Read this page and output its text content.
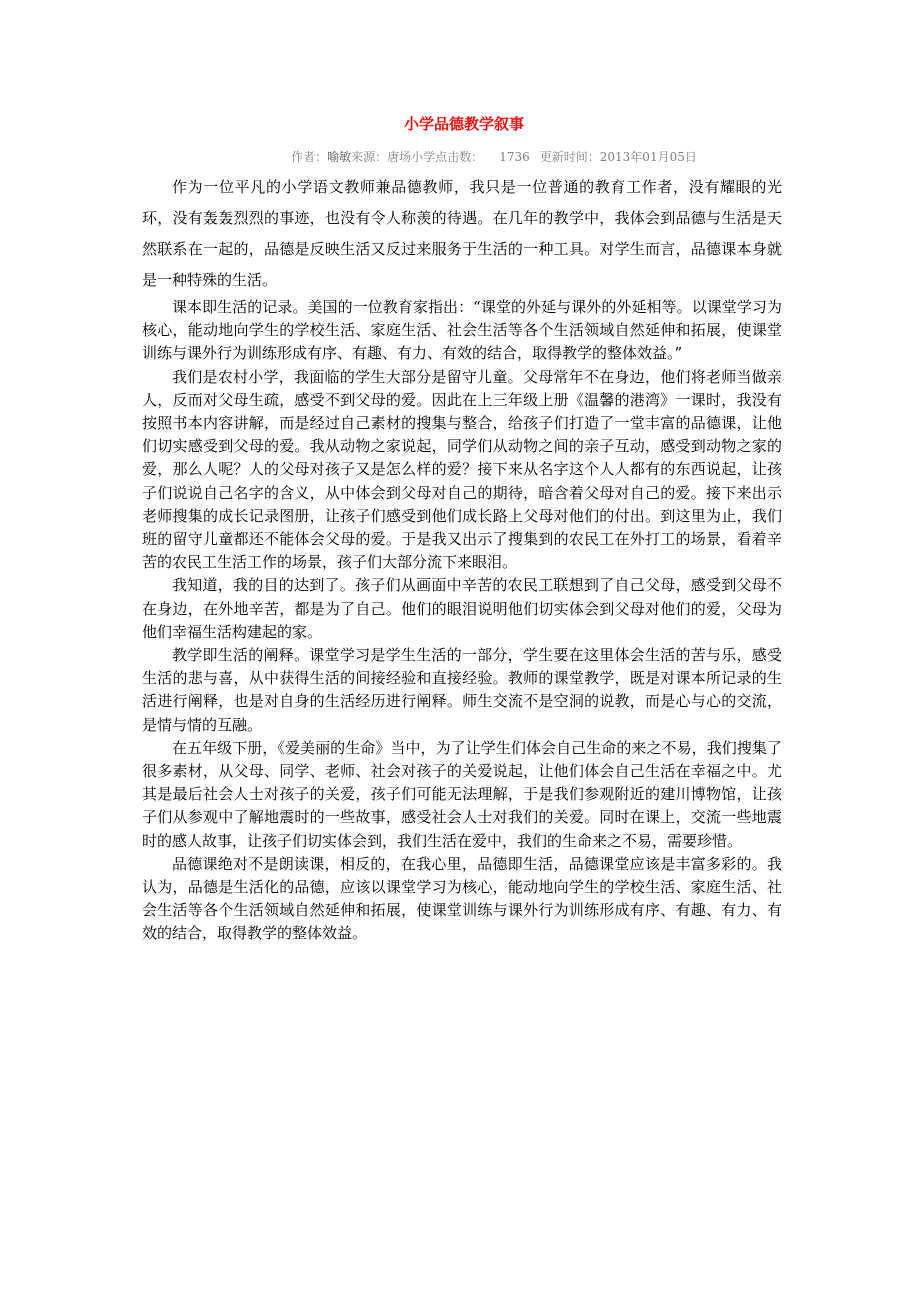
小学品德教学叙事
作者：喻敏来源：唐场小学点击数： 1736 更新时间：2013年01月05日

作为一位平凡的小学语文教师兼品德教师，我只是一位普通的教育工作者，没有耀眼的光环，没有轰轰烈烈的事迹，也没有令人称羡的待遇。在几年的教学中，我体会到品德与生活是天然联系在一起的，品德是反映生活又反过来服务于生活的一种工具。对学生而言，品德课本身就是一种特殊的生活。

课本即生活的记录。美国的一位教育家指出：“课堂的外延与课外的外延相等。以课堂学习为核心，能动地向学生的学校生活、家庭生活、社会生活等各个生活领域自然延伸和拓展，使课堂训练与课外行为训练形成有序、有趣、有力、有效的结合，取得教学的整体效益。”

我们是农村小学，我面临的学生大部分是留守儿童。父母常年不在身边，他们将老师当做亲人，反而对父母生疏，感受不到父母的爱。因此在上三年级上册《温馨的港湾》一课时，我没有按照书本内容讲解，而是经过自己素材的搜集与整合，给孩子们打造了一堂丰富的品德课，让他们切实感受到父母的爱。我从动物之家说起，同学们从动物之间的亲子互动，感受到动物之家的爱，那么人呢？人的父母对孩子又是怎么样的爱？接下来从名字这个人人都有的东西说起，让孩子们说说自己名字的含义，从中体会到父母对自己的期待，暗含着父母对自己的爱。接下来出示老师搜集的成长记录图册，让孩子们感受到他们成长路上父母对他们的付出。到这里为止，我们班的留守儿童都还不能体会父母的爱。于是我又出示了搜集到的农民工在外打工的场景，看着辛苦的农民工生活工作的场景，孩子们大部分流下来眼泪。

我知道，我的目的达到了。孩子们从画面中辛苦的农民工联想到了自己父母，感受到父母不在身边，在外地辛苦，都是为了自己。他们的眼泪说明他们切实体会到父母对他们的爱，父母为他们幸福生活构建起的家。

教学即生活的阐释。课堂学习是学生生活的一部分，学生要在这里体会生活的苦与乐，感受生活的悲与喜，从中获得生活的间接经验和直接经验。教师的课堂教学，既是对课本所记录的生活进行阐释，也是对自身的生活经历进行阐释。师生交流不是空洞的说教，而是心与心的交流，是情与情的互融。

在五年级下册，《爱美丽的生命》当中，为了让学生们体会自己生命的来之不易，我们搜集了很多素材，从父母、同学、老师、社会对孩子的关爱说起，让他们体会自己生活在幸福之中。尤其是最后社会人士对孩子的关爱，孩子们可能无法理解，于是我们参观附近的建川博物馆，让孩子们从参观中了解地震时的一些故事，感受社会人士对我们的关爱。同时在课上，交流一些地震时的感人故事，让孩子们切实体会到，我们生活在爱中，我们的生命来之不易，需要珍惜。

品德课绝对不是朗读课，相反的，在我心里，品德即生活，品德课堂应该是丰富多彩的。我认为，品德是生活化的品德，应该以课堂学习为核心，能动地向学生的学校生活、家庭生活、社会生活等各个生活领域自然延伸和拓展，使课堂训练与课外行为训练形成有序、有趣、有力、有效的结合，取得教学的整体效益。
